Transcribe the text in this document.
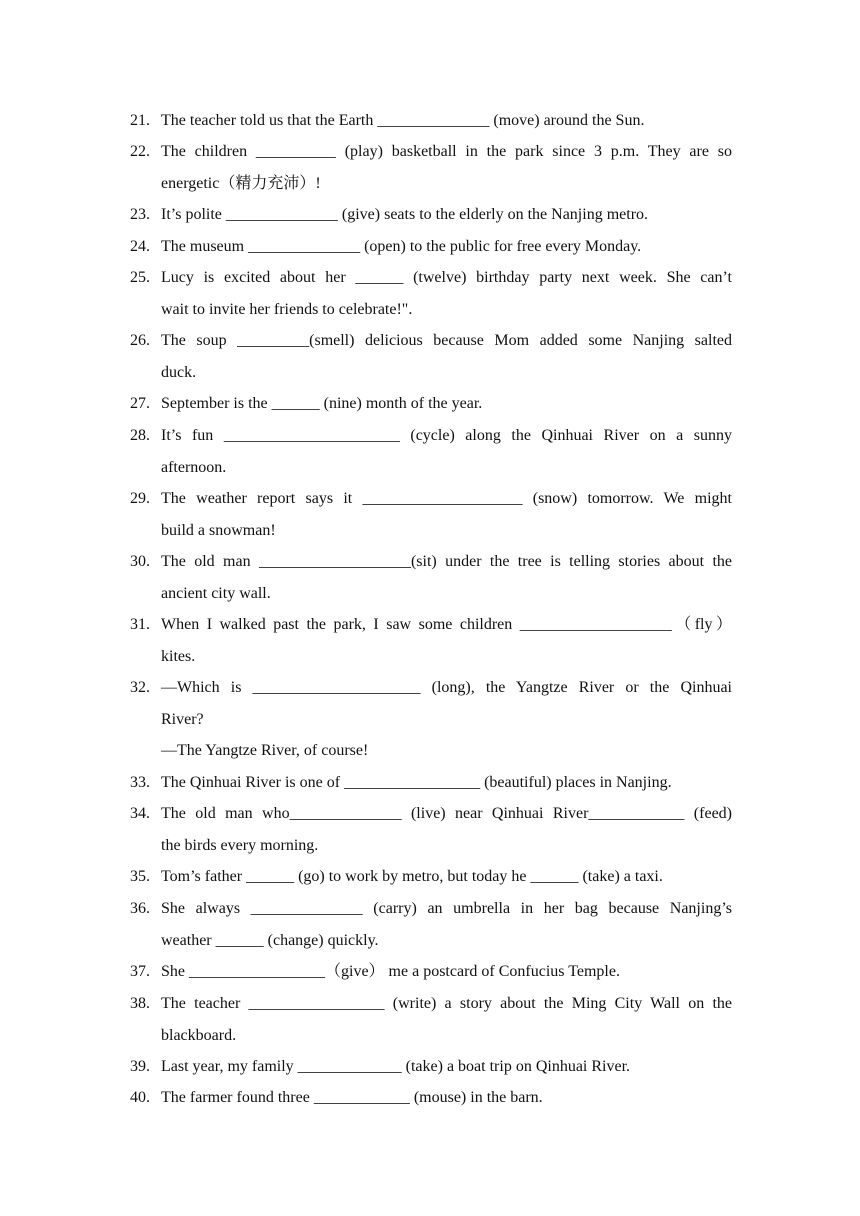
21. The teacher told us that the Earth ______________ (move) around the Sun.
22. The children __________ (play) basketball in the park since 3 p.m. They are so
energetic（精力充沛）!
23. It’s polite ______________ (give) seats to the elderly on the Nanjing metro.
24. The museum ______________ (open) to the public for free every Monday.
25. Lucy is excited about her ______ (twelve) birthday party next week. She can’t
wait to invite her friends to celebrate!".
26. The soup _________(smell) delicious because Mom added some Nanjing salted
duck.
27. September is the ______ (nine) month of the year.
28. It’s fun ______________________ (cycle) along the Qinhuai River on a sunny
afternoon.
29. The weather report says it ____________________ (snow) tomorrow. We might
build a snowman!
30. The old man ___________________(sit) under the tree is telling stories about the
ancient city wall.
31. When I walked past the park, I saw some children ___________________（fly）
kites.
32. —Which is _____________________ (long), the Yangtze River or the Qinhuai
River?
—The Yangtze River, of course!
33. The Qinhuai River is one of _________________ (beautiful) places in Nanjing.
34. The old man who______________ (live) near Qinhuai River____________ (feed)
the birds every morning.
35. Tom’s father ______ (go) to work by metro, but today he ______ (take) a taxi.
36. She always ______________ (carry) an umbrella in her bag because Nanjing’s
weather ______ (change) quickly.
37. She _________________（give） me a postcard of Confucius Temple.
38. The teacher _________________ (write) a story about the Ming City Wall on the
blackboard.
39. Last year, my family _____________ (take) a boat trip on Qinhuai River.
40. The farmer found three ____________ (mouse) in the barn.
